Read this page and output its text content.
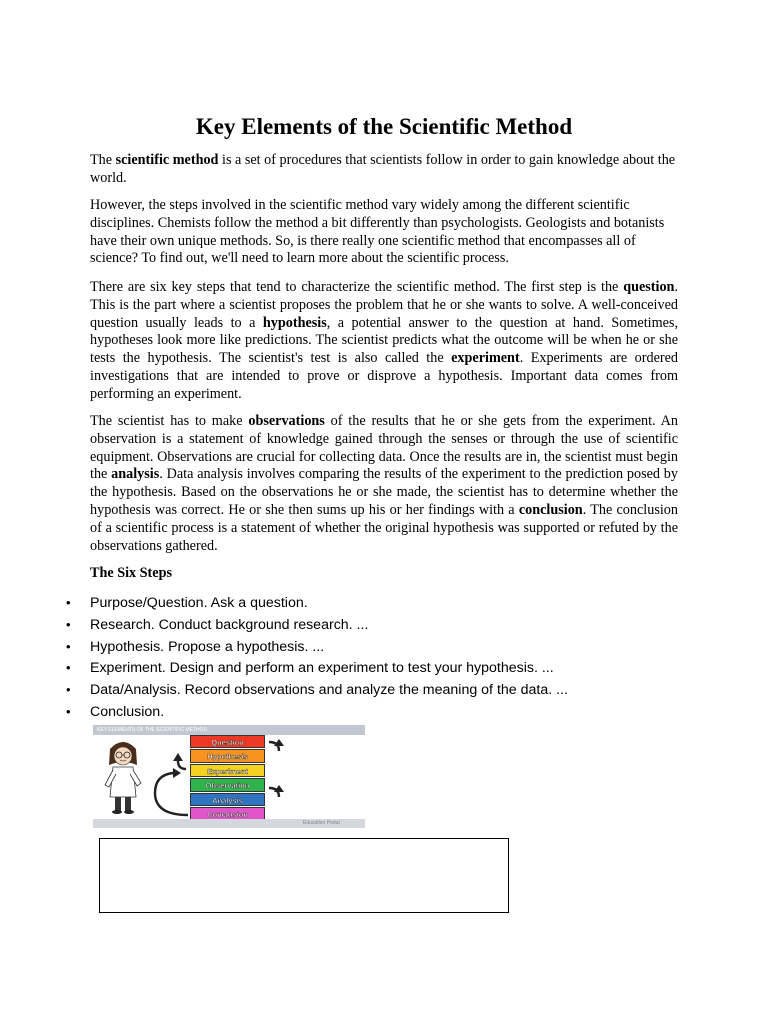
Key Elements of the Scientific Method

The scientific method is a set of procedures that scientists follow in order to gain knowledge about the world.

However, the steps involved in the scientific method vary widely among the different scientific disciplines. Chemists follow the method a bit differently than psychologists. Geologists and botanists have their own unique methods. So, is there really one scientific method that encompasses all of science? To find out, we'll need to learn more about the scientific process.

There are six key steps that tend to characterize the scientific method. The first step is the question. This is the part where a scientist proposes the problem that he or she wants to solve. A well-conceived question usually leads to a hypothesis, a potential answer to the question at hand. Sometimes, hypotheses look more like predictions. The scientist predicts what the outcome will be when he or she tests the hypothesis. The scientist's test is also called the experiment. Experiments are ordered investigations that are intended to prove or disprove a hypothesis. Important data comes from performing an experiment.

The scientist has to make observations of the results that he or she gets from the experiment. An observation is a statement of knowledge gained through the senses or through the use of scientific equipment. Observations are crucial for collecting data. Once the results are in, the scientist must begin the analysis. Data analysis involves comparing the results of the experiment to the prediction posed by the hypothesis. Based on the observations he or she made, the scientist has to determine whether the hypothesis was correct. He or she then sums up his or her findings with a conclusion. The conclusion of a scientific process is a statement of whether the original hypothesis was supported or refuted by the observations gathered.

The Six Steps

• Purpose/Question. Ask a question.
• Research. Conduct background research. ...
• Hypothesis. Propose a hypothesis. ...
• Experiment. Design and perform an experiment to test your hypothesis. ...
• Data/Analysis. Record observations and analyze the meaning of the data. ...
• Conclusion.
KEY ELEMENTS OF THE SCIENTIFIC METHOD
Question
Hypothesis
Experiment
Observation
Analysis
Conclusion
Education Portal
